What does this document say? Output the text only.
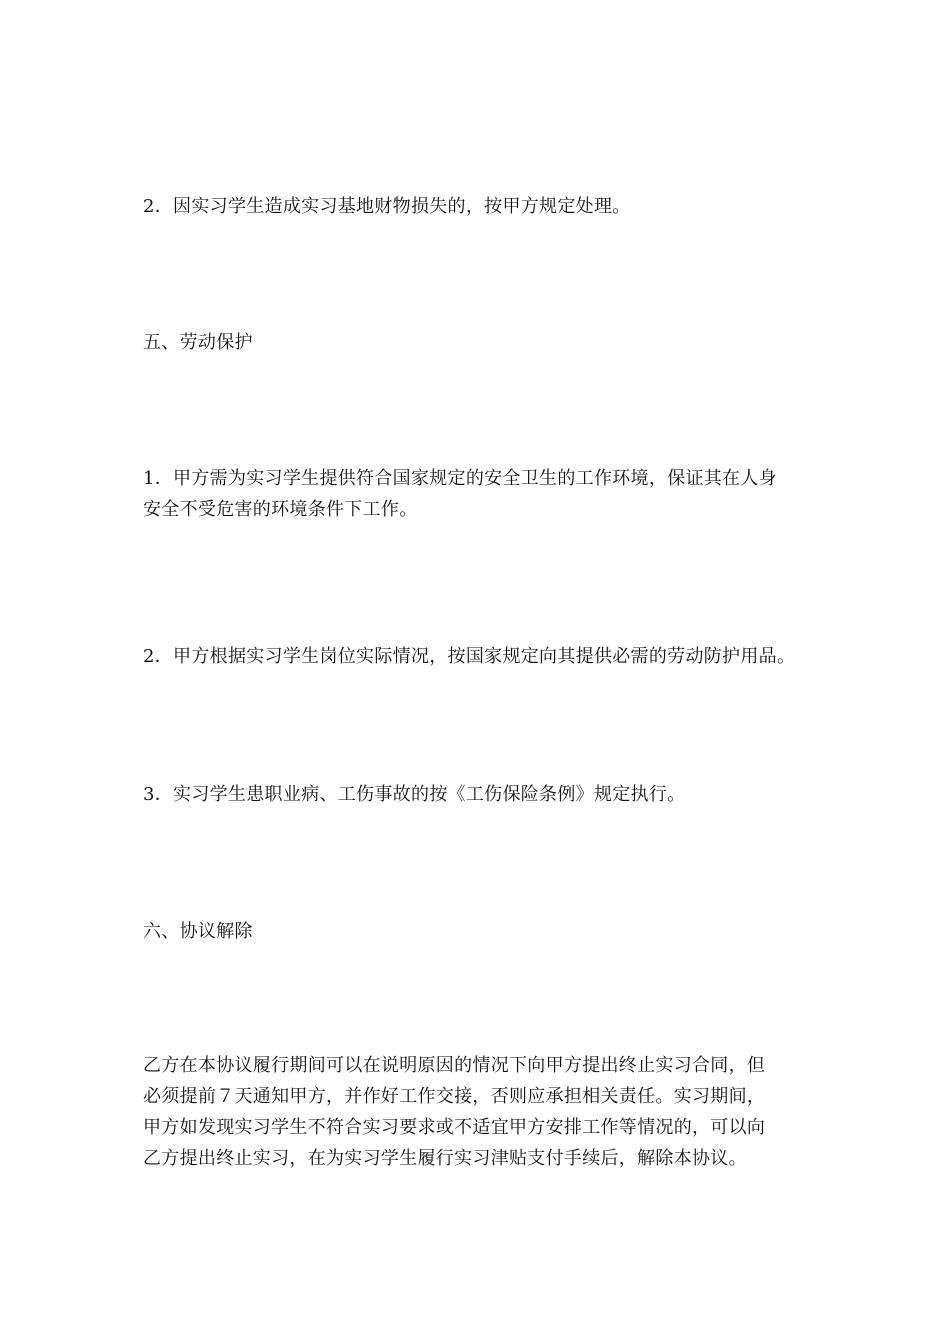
2．因实习学生造成实习基地财物损失的，按甲方规定处理。
五、劳动保护
1．甲方需为实习学生提供符合国家规定的安全卫生的工作环境，保证其在人身
安全不受危害的环境条件下工作。
2．甲方根据实习学生岗位实际情况，按国家规定向其提供必需的劳动防护用品。
3．实习学生患职业病、工伤事故的按《工伤保险条例》规定执行。
六、协议解除
乙方在本协议履行期间可以在说明原因的情况下向甲方提出终止实习合同，但
必须提前７天通知甲方，并作好工作交接，否则应承担相关责任。实习期间，
甲方如发现实习学生不符合实习要求或不适宜甲方安排工作等情况的，可以向
乙方提出终止实习，在为实习学生履行实习津贴支付手续后，解除本协议。
